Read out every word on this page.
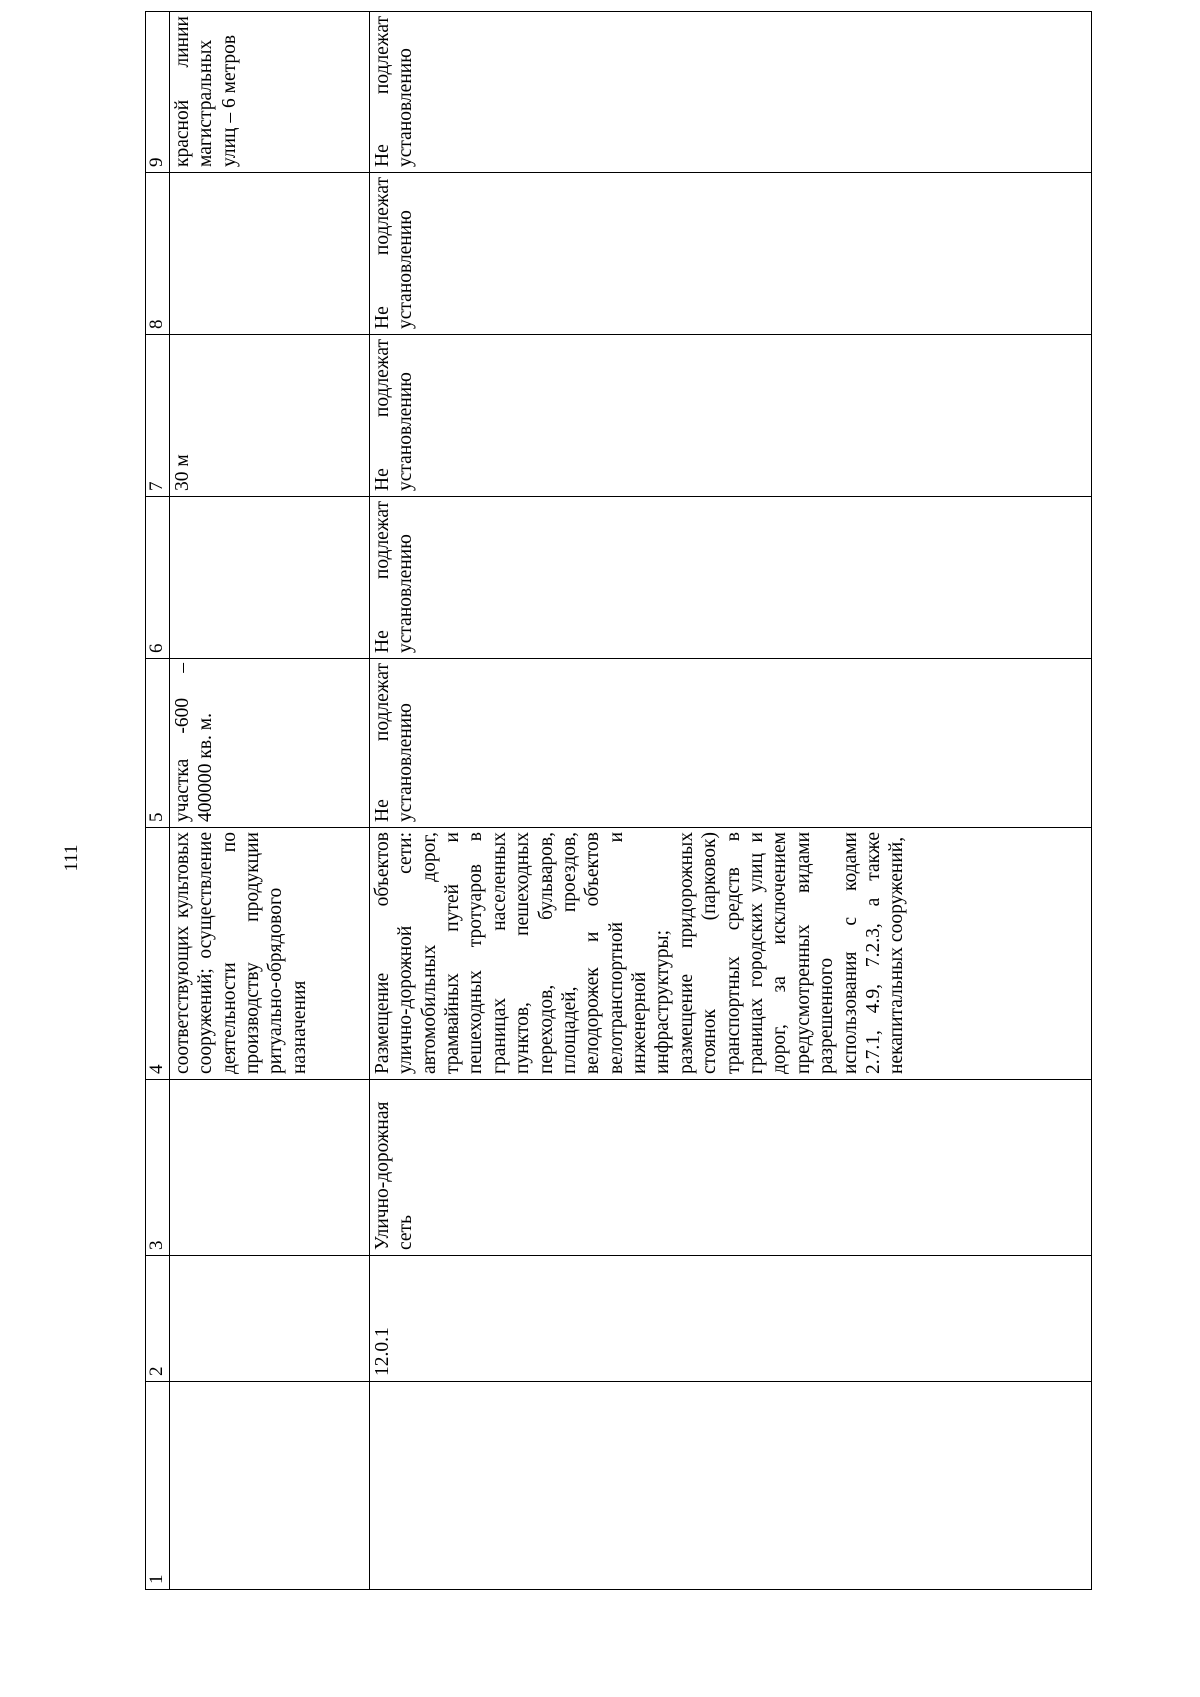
111
1	2	3	4	5	6	7	8	9
			соответствующих культовых сооружений; осуществление деятельности по производству продукции ритуально-обрядового назначения	участка -600 – 400000 кв. м.		30 м		красной линии магистральных улиц – 6 метров
	12.0.1	Улично-дорожная сеть	Размещение объектов улично-дорожной сети: автомобильных дорог, трамвайных путей и пешеходных тротуаров в границах населенных пунктов, пешеходных переходов, бульваров, площадей, проездов, велодорожек и объектов велотранспортной и инженерной инфраструктуры; размещение придорожных стоянок (парковок) транспортных средств в границах городских улиц и дорог, за исключением предусмотренных видами разрешенного использования с кодами 2.7.1, 4.9, 7.2.3, а также некапитальных сооружений,	Не подлежат установлению	Не подлежат установлению	Не подлежат установлению	Не подлежат установлению	Не подлежат установлению
